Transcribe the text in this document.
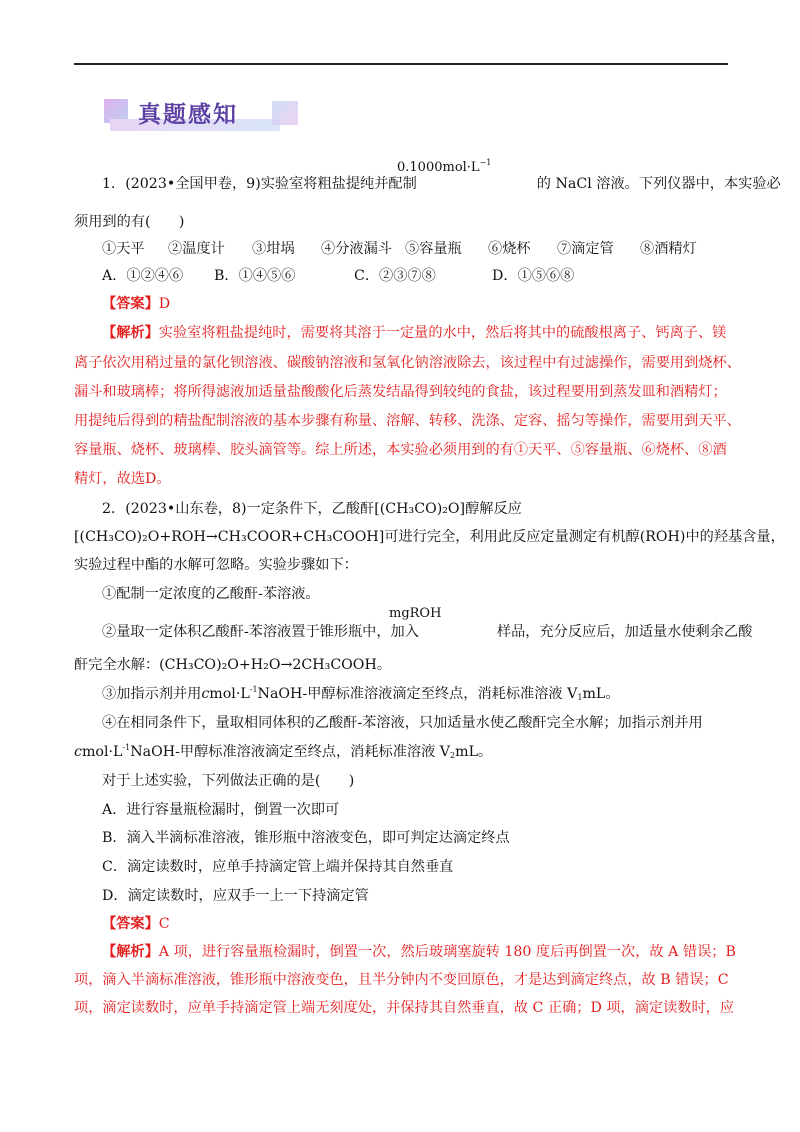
真题感知
1．(2023•全国甲卷，9)实验室将粗盐提纯并配制	的 NaCl 溶液。下列仪器中，本实验必
$0.1000mol\cdot L^{-1}$
须用到的有(　　)
①天平 ②温度计 ③坩埚 ④分液漏斗 ⑤容量瓶 ⑥烧杯 ⑦滴定管 ⑧酒精灯
A．①②④⑥ B．①④⑤⑥	C．②③⑦⑧	D．①⑤⑥⑧
【答案】D
【解析】实验室将粗盐提纯时，需要将其溶于一定量的水中，然后将其中的硫酸根离子、钙离子、镁
离子依次用稍过量的氯化钡溶液、碳酸钠溶液和氢氧化钠溶液除去，该过程中有过滤操作，需要用到烧杯、
漏斗和玻璃棒；将所得滤液加适量盐酸酸化后蒸发结晶得到较纯的食盐，该过程要用到蒸发皿和酒精灯；
用提纯后得到的精盐配制溶液的基本步骤有称量、溶解、转移、洗涤、定容、摇匀等操作，需要用到天平、
容量瓶、烧杯、玻璃棒、胶头滴管等。综上所述，本实验必须用到的有①天平、⑤容量瓶、⑥烧杯、⑧酒
精灯，故选D。
2．(2023•山东卷，8)一定条件下，乙酸酐[(CH₃CO)₂O]醇解反应
[(CH₃CO)₂O+ROH→CH₃COOR+CH₃COOH]可进行完全，利用此反应定量测定有机醇(ROH)中的羟基含量，
实验过程中酯的水解可忽略。实验步骤如下：
①配制一定浓度的乙酸酐-苯溶液。
②量取一定体积乙酸酐-苯溶液置于锥形瓶中，加入	样品，充分反应后，加适量水使剩余乙酸
mgROH
酐完全水解：(CH₃CO)₂O+H₂O→2CH₃COOH。
③加指示剂并用$cmol\cdot L^{-1}NaOH-$甲醇标准溶液滴定至终点，消耗标准溶液 $V_1mL$。
④在相同条件下，量取相同体积的乙酸酐-苯溶液，只加适量水使乙酸酐完全水解；加指示剂并用
$cmol\cdot L^{-1}NaOH-$甲醇标准溶液滴定至终点，消耗标准溶液 $V_2mL$。
对于上述实验，下列做法正确的是(　　)
A．进行容量瓶检漏时，倒置一次即可
B．滴入半滴标准溶液，锥形瓶中溶液变色，即可判定达滴定终点
C．滴定读数时，应单手持滴定管上端并保持其自然垂直
D．滴定读数时，应双手一上一下持滴定管
【答案】C
【解析】A 项，进行容量瓶检漏时，倒置一次，然后玻璃塞旋转 180 度后再倒置一次，故 A 错误；B
项，滴入半滴标准溶液，锥形瓶中溶液变色，且半分钟内不变回原色，才是达到滴定终点，故 B 错误；C
项，滴定读数时，应单手持滴定管上端无刻度处，并保持其自然垂直，故 C 正确；D 项，滴定读数时，应
